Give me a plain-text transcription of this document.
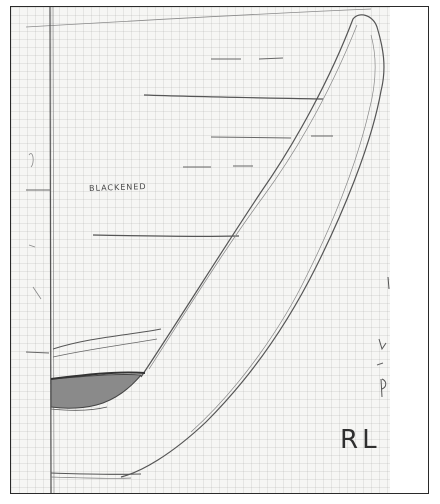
BLACKENED
RL
